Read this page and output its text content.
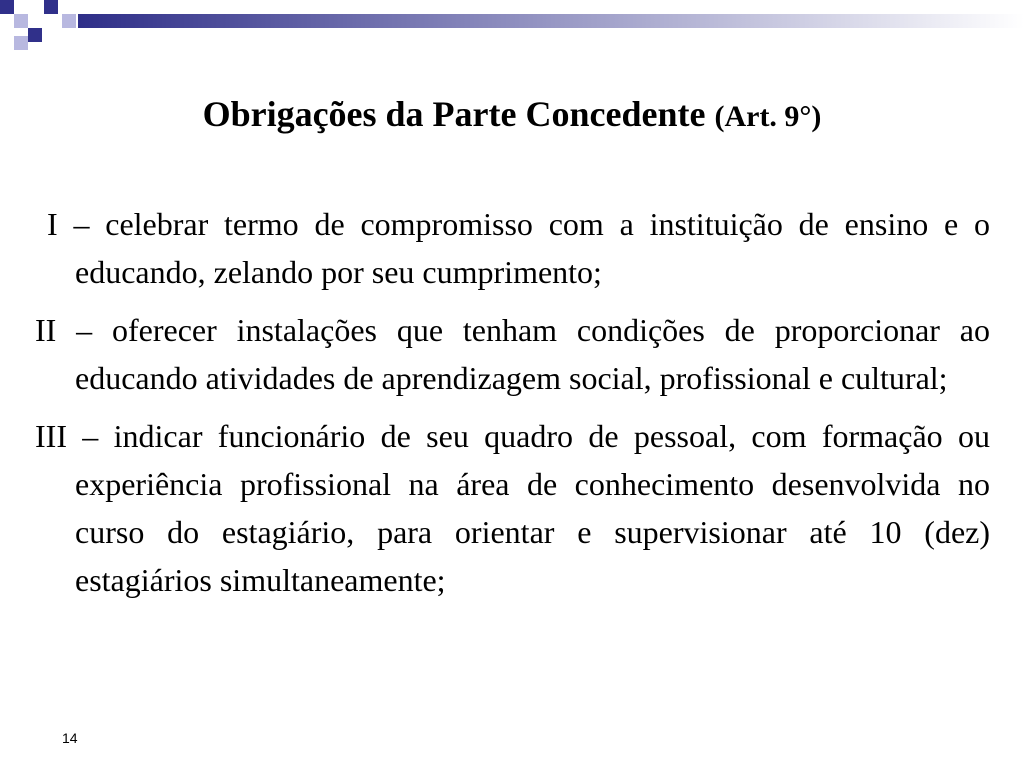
Obrigações da Parte Concedente (Art. 9°)
I – celebrar termo de compromisso com a instituição de ensino e o educando, zelando por seu cumprimento;
II – oferecer instalações que tenham condições de proporcionar ao educando atividades de aprendizagem social, profissional e cultural;
III – indicar funcionário de seu quadro de pessoal, com formação ou experiência profissional na área de conhecimento desenvolvida no curso do estagiário, para orientar e supervisionar até 10 (dez) estagiários simultaneamente;
14
